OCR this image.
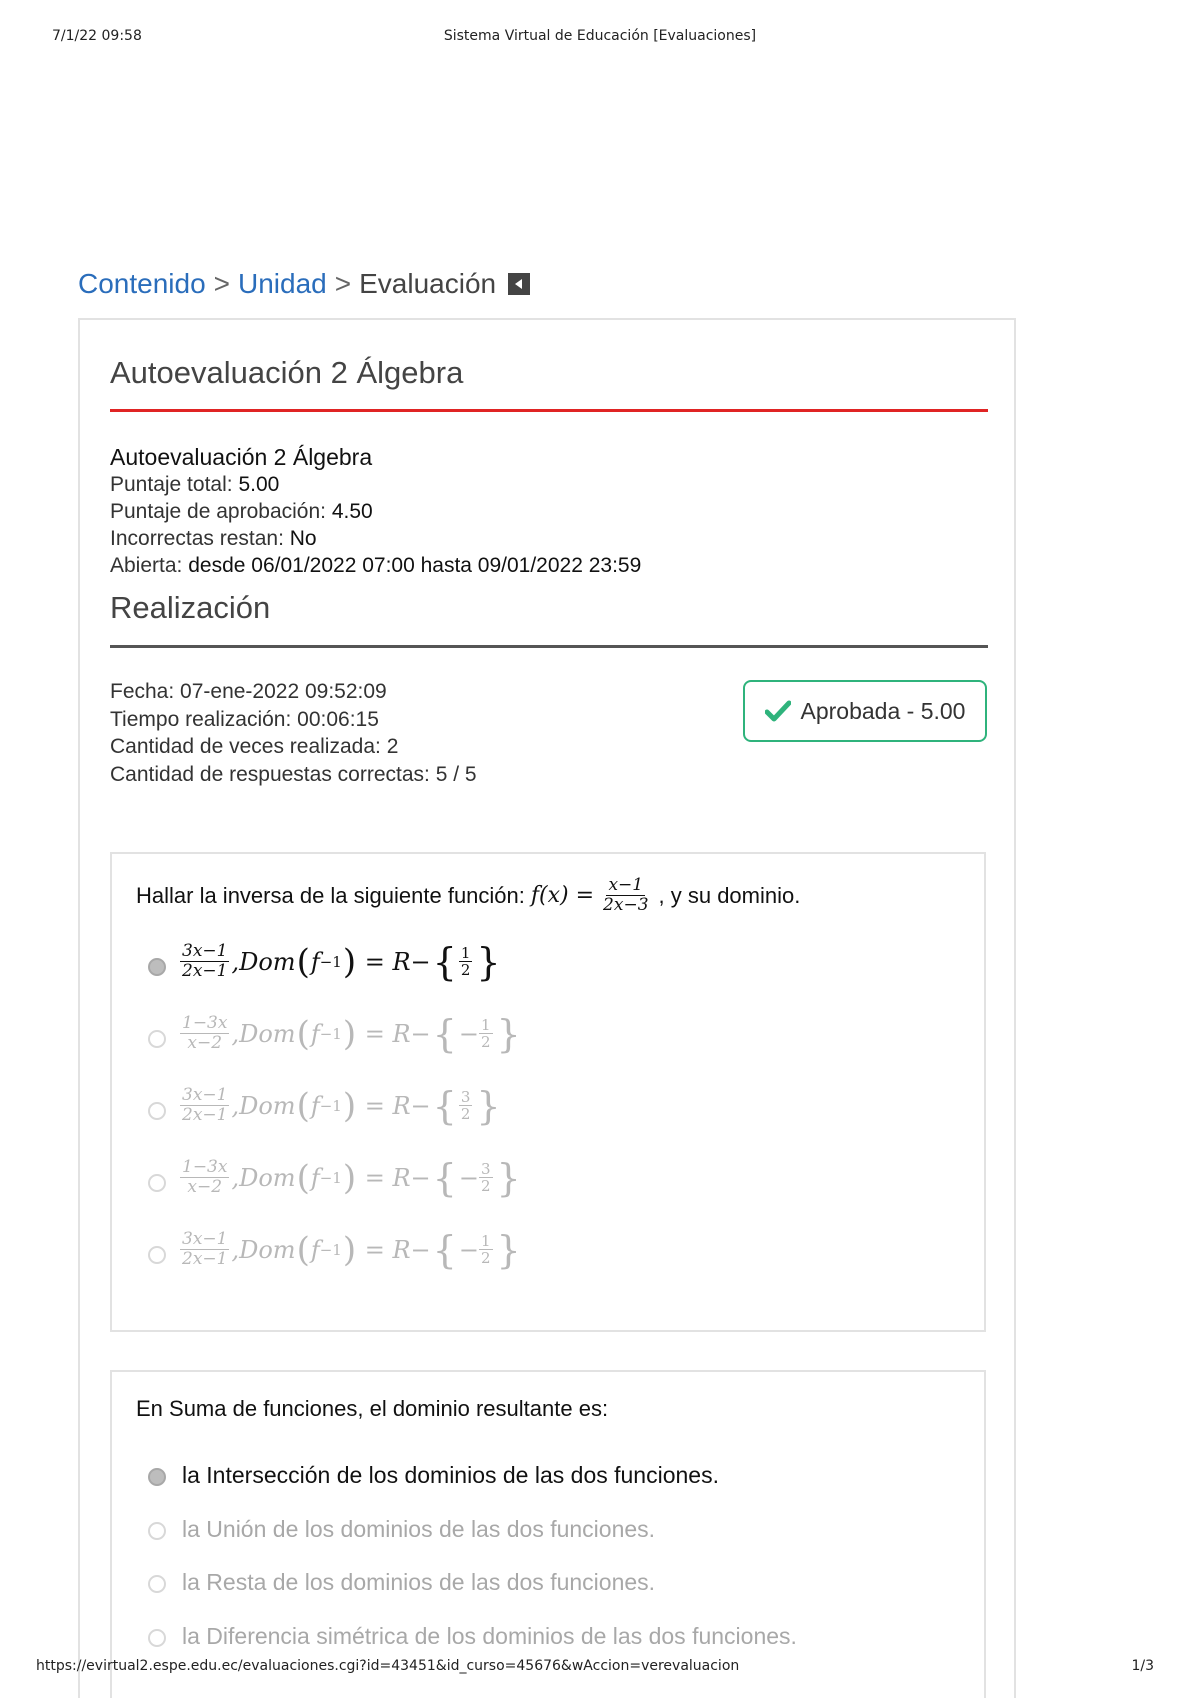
7/1/22 09:58	Sistema Virtual de Educación [Evaluaciones]
Contenido > Unidad > Evaluación
Autoevaluación 2 Álgebra
Autoevaluación 2 Álgebra
Puntaje total: 5.00
Puntaje de aprobación: 4.50
Incorrectas restan: No
Abierta: desde 06/01/2022 07:00 hasta 09/01/2022 23:59
Realización
Fecha: 07-ene-2022 09:52:09
Tiempo realización: 00:06:15
Cantidad de veces realizada: 2
Cantidad de respuestas correctas: 5 / 5
Aprobada - 5.00
Hallar la inversa de la siguiente función: f(x) =
$\frac{x-1}{2x-3}$ , y su dominio.
$\frac{3x-1}{2x-1}$ , Dom ( f −1 )
= R− { $\frac{1}{2}$ }
$\frac{1-3x}{x-2}$ , Dom ( f −1 )
= R− { − $\frac{1}{2}$ }
$\frac{3x-1}{2x-1}$ , Dom ( f −1 )
= R− { $\frac{3}{2}$ }
$\frac{1-3x}{x-2}$ , Dom ( f −1 )
= R− { − $\frac{3}{2}$ }
$\frac{3x-1}{2x-1}$ , Dom ( f −1 )
= R− { − $\frac{1}{2}$ }
En Suma de funciones, el dominio resultante es:
la Intersección de los dominios de las dos funciones.
la Unión de los dominios de las dos funciones.
la Resta de los dominios de las dos funciones.
la Diferencia simétrica de los dominios de las dos funciones.
https://evirtual2.espe.edu.ec/evaluaciones.cgi?id=43451&id_curso=45676&wAccion=verevaluacion	1/3
